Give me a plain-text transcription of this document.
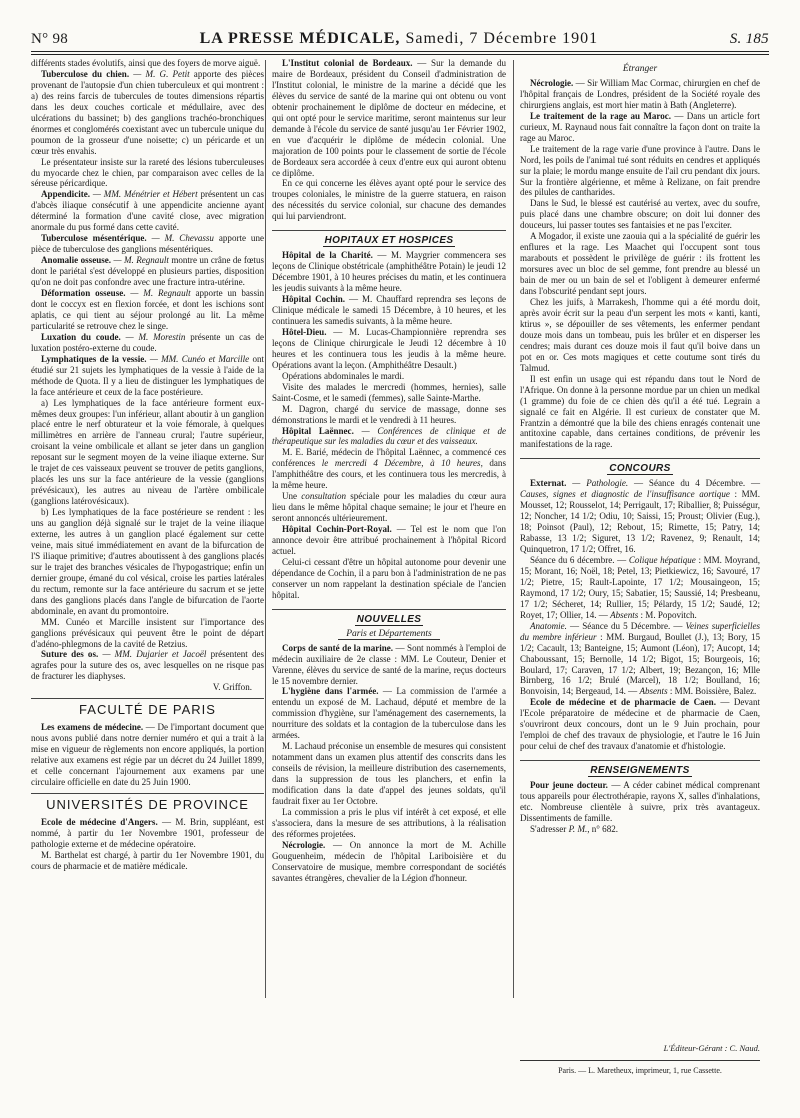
N° 98	LA PRESSE MÉDICALE, Samedi, 7 Décembre 1901	S. 185

différents stades évolutifs, ainsi que des foyers de morve aiguë.

Tuberculose du chien. — M. G. Petit apporte des pièces provenant de l'autopsie d'un chien tuberculeux et qui montrent : a) des reins farcis de tubercules de toutes dimensions répartis dans les deux couches corticale et médullaire, avec des ulcérations du bassinet; b) des ganglions trachéo-bronchiques énormes et conglomérés coexistant avec un tubercule unique du poumon de la grosseur d'une noisette; c) un péricarde et un cœur très envahis.

Le présentateur insiste sur la rareté des lésions tuberculeuses du myocarde chez le chien, par comparaison avec celles de la séreuse péricardique.

Appendicite. — MM. Ménétrier et Hébert présentent un cas d'abcès iliaque consécutif à une appendicite ancienne ayant déterminé la formation d'une cavité close, avec migration anormale du pus formé dans cette cavité.

Tuberculose mésentérique. — M. Chevassu apporte une pièce de tuberculose des ganglions mésentériques.

Anomalie osseuse. — M. Regnault montre un crâne de fœtus dont le pariétal s'est développé en plusieurs parties, disposition qu'on ne doit pas confondre avec une fracture intra-utérine.

Déformation osseuse. — M. Regnault apporte un bassin dont le coccyx est en flexion forcée, et dont les ischions sont aplatis, ce qui tient au séjour prolongé au lit. La même particularité se retrouve chez le singe.

Luxation du coude. — M. Morestin présente un cas de luxation postéro-externe du coude.

Lymphatiques de la vessie. — MM. Cunéo et Marcille ont étudié sur 21 sujets les lymphatiques de la vessie à l'aide de la méthode de Quota. Il y a lieu de distinguer les lymphatiques de la face antérieure et ceux de la face postérieure.

a) Les lymphatiques de la face antérieure forment eux-mêmes deux groupes: l'un inférieur, allant aboutir à un ganglion placé entre le nerf obturateur et la voie fémorale, à quelques millimètres en arrière de l'anneau crural; l'autre supérieur, croisant la veine ombilicale et allant se jeter dans un ganglion reposant sur le segment moyen de la veine iliaque externe. Sur le trajet de ces vaisseaux peuvent se trouver de petits ganglions, placés les uns sur la face antérieure de la vessie (ganglions prévésicaux), les autres au niveau de l'artère ombilicale (ganglions latérovésicaux).

b) Les lymphatiques de la face postérieure se rendent : les uns au ganglion déjà signalé sur le trajet de la veine iliaque externe, les autres à un ganglion placé également sur cette veine, mais situé immédiatement en avant de la bifurcation de l'S iliaque primitive; d'autres aboutissent à des ganglions placés sur le trajet des branches vésicales de l'hypogastrique; enfin un dernier groupe, émané du col vésical, croise les parties latérales du rectum, remonte sur la face antérieure du sacrum et se jette dans des ganglions placés dans l'angle de bifurcation de l'aorte abdominale, en avant du promontoire.

MM. Cunéo et Marcille insistent sur l'importance des ganglions prévésicaux qui peuvent être le point de départ d'adéno-phlegmons de la cavité de Retzius.

Suture des os. — MM. Dujarier et Jacoël présentent des agrafes pour la suture des os, avec lesquelles on ne risque pas de fracturer les diaphyses.

V. Griffon.

FACULTÉ DE PARIS

Les examens de médecine. — De l'important document que nous avons publié dans notre dernier numéro et qui a trait à la mise en vigueur de règlements non encore appliqués, la portion relative aux examens est régie par un décret du 24 Juillet 1899, et celle concernant l'ajournement aux examens par une circulaire officielle en date du 25 Juin 1900.

UNIVERSITÉS DE PROVINCE

Ecole de médecine d'Angers. — M. Brin, suppléant, est nommé, à partir du 1er Novembre 1901, professeur de pathologie externe et de médecine opératoire.

M. Barthelat est chargé, à partir du 1er Novembre 1901, du cours de pharmacie et de matière médicale.

L'Institut colonial de Bordeaux. — Sur la demande du maire de Bordeaux, président du Conseil d'administration de l'Institut colonial, le ministre de la marine a décidé que les élèves du service de santé de la marine qui ont obtenu ou vont obtenir prochainement le diplôme de docteur en médecine, et qui ont opté pour le service maritime, seront maintenus sur leur demande à l'école du service de santé jusqu'au 1er Février 1902, en vue d'acquérir le diplôme de médecin colonial. Une majoration de 100 points pour le classement de sortie de l'école de Bordeaux sera accordée à ceux d'entre eux qui auront obtenu ce diplôme.

En ce qui concerne les élèves ayant opté pour le service des troupes coloniales, le ministre de la guerre statuera, en raison des nécessités du service colonial, sur chacune des demandes qui lui parviendront.

HOPITAUX ET HOSPICES

Hôpital de la Charité. — M. Maygrier commencera ses leçons de Clinique obstétricale (amphithéâtre Potain) le jeudi 12 Décembre 1901, à 10 heures précises du matin, et les continuera les jeudis suivants à la même heure.

Hôpital Cochin. — M. Chauffard reprendra ses leçons de Clinique médicale le samedi 15 Décembre, à 10 heures, et les continuera les samedis suivants, à la même heure.

Hôtel-Dieu. — M. Lucas-Championnière reprendra ses leçons de Clinique chirurgicale le Jeudi 12 décembre à 10 heures et les continuera tous les jeudis à la même heure. Opérations avant la leçon. (Amphithéâtre Desault.)

Opérations abdominales le mardi.

Visite des malades le mercredi (hommes, hernies), salle Saint-Cosme, et le samedi (femmes), salle Sainte-Marthe.

M. Dagron, chargé du service de massage, donne ses démonstrations le mardi et le vendredi à 11 heures.

Hôpital Laënnec. — Conférences de clinique et de thérapeutique sur les maladies du cœur et des vaisseaux.

M. E. Barié, médecin de l'hôpital Laënnec, a commencé ces conférences le mercredi 4 Décembre, à 10 heures, dans l'amphithéâtre des cours, et les continuera tous les mercredis, à la même heure.

Une consultation spéciale pour les maladies du cœur aura lieu dans le même hôpital chaque semaine; le jour et l'heure en seront annoncés ultérieurement.

Hôpital Cochin-Port-Royal. — Tel est le nom que l'on annonce devoir être attribué prochainement à l'hôpital Ricord actuel.

Celui-ci cessant d'être un hôpital autonome pour devenir une dépendance de Cochin, il a paru bon à l'administration de ne pas conserver un nom rappelant la destination spéciale de l'ancien hôpital.

NOUVELLES
Paris et Départements

Corps de santé de la marine. — Sont nommés à l'emploi de médecin auxiliaire de 2e classe : MM. Le Couteur, Denier et Varenne, élèves du service de santé de la marine, reçus docteurs le 15 novembre dernier.

L'hygiène dans l'armée. — La commission de l'armée a entendu un exposé de M. Lachaud, député et membre de la commission d'hygiène, sur l'aménagement des casernements, la nourriture des soldats et la contagion de la tuberculose dans les armées.

M. Lachaud préconise un ensemble de mesures qui consistent notamment dans un examen plus attentif des conscrits dans les conseils de révision, la meilleure distribution des casernements, dans la suppression de tous les planchers, et enfin la modification dans la date d'appel des jeunes soldats, qu'il faudrait fixer au 1er Octobre.

La commission a pris le plus vif intérêt à cet exposé, et elle s'associera, dans la mesure de ses attributions, à la réalisation des réformes projetées.

Nécrologie. — On annonce la mort de M. Achille Gouguenheim, médecin de l'hôpital Lariboisière et du Conservatoire de musique, membre correspondant de sociétés savantes étrangères, chevalier de la Légion d'honneur.

Étranger

Nécrologie. — Sir William Mac Cormac, chirurgien en chef de l'hôpital français de Londres, président de la Société royale des chirurgiens anglais, est mort hier matin à Bath (Angleterre).

Le traitement de la rage au Maroc. — Dans un article fort curieux, M. Raynaud nous fait connaître la façon dont on traite la rage au Maroc.

Le traitement de la rage varie d'une province à l'autre. Dans le Nord, les poils de l'animal tué sont réduits en cendres et appliqués sur la plaie; le mordu mange ensuite de l'ail cru pendant dix jours. Sur la frontière algérienne, et même à Relizane, on fait prendre des pilules de cantharides.

Dans le Sud, le blessé est cautérisé au vertex, avec du soufre, puis placé dans une chambre obscure; on doit lui donner des douceurs, lui passer toutes ses fantaisies et ne pas l'exciter.

A Mogador, il existe une zaouia qui a la spécialité de guérir les enflures et la rage. Les Maachet qui l'occupent sont tous marabouts et possèdent le privilège de guérir : ils frottent les morsures avec un bloc de sel gemme, font prendre au blessé un bain de mer ou un bain de sel et l'obligent à demeurer enfermé dans l'obscurité pendant sept jours.

Chez les juifs, à Marrakesh, l'homme qui a été mordu doit, après avoir écrit sur la peau d'un serpent les mots « kanti, kanti, ktirus », se dépouiller de ses vêtements, les enfermer pendant douze mois dans un tombeau, puis les brûler et en disperser les cendres; mais durant ces douze mois il faut qu'il boive dans un pot en or. Ces mots magiques et cette coutume sont tirés du Talmud.

Il est enfin un usage qui est répandu dans tout le Nord de l'Afrique. On donne à la personne mordue par un chien un medkal (1 gramme) du foie de ce chien dès qu'il a été tué. Legrain a signalé ce fait en Algérie. Il est curieux de constater que M. Frantzin a démontré que la bile des chiens enragés contenait une antitoxine capable, dans certaines conditions, de prévenir les manifestations de la rage.

CONCOURS

Externat. — Pathologie. — Séance du 4 Décembre. — Causes, signes et diagnostic de l'insuffisance aortique : MM. Mousset, 12; Rousselot, 14; Perrigault, 17; Riballier, 8; Puisségur, 12; Noncher, 14 1/2; Odiu, 10; Saissi, 15; Proust; Olivier (Eug.), 18; Poinsot (Paul), 12; Rebout, 15; Rimette, 15; Patry, 14; Rabasse, 13 1/2; Siguret, 13 1/2; Ravenez, 9; Renault, 14; Quinquetron, 17 1/2; Offret, 16.

Séance du 6 décembre. — Colique hépatique : MM. Moyrand, 15; Morant, 16; Noël, 18; Petel, 13; Pietkiewicz, 16; Savouré, 17 1/2; Pietre, 15; Rault-Lapointe, 17 1/2; Mousaingeon, 15; Raymond, 17 1/2; Oury, 15; Sabatier, 15; Saussié, 14; Presbeanu, 17 1/2; Sécheret, 14; Rullier, 15; Pélardy, 15 1/2; Saudé, 12; Royet, 17; Ollier, 14. — Absents : M. Popovitch.

Anatomie. — Séance du 5 Décembre. — Veines superficielles du membre inférieur : MM. Burgaud, Boullet (J.), 13; Bory, 15 1/2; Cacault, 13; Banteigne, 15; Aumont (Léon), 17; Aucopt, 14; Chaboussant, 15; Bernolle, 14 1/2; Bigot, 15; Bourgeois, 16; Boulard, 17; Caraven, 17 1/2; Albert, 19; Bezançon, 16; Mlle Birnberg, 16 1/2; Brulé (Marcel), 18 1/2; Boulland, 16; Bonvoisin, 14; Bergeaud, 14. — Absents : MM. Boissière, Balez.

Ecole de médecine et de pharmacie de Caen. — Devant l'Ecole préparatoire de médecine et de pharmacie de Caen, s'ouvriront deux concours, dont un le 9 Juin prochain, pour l'emploi de chef des travaux de physiologie, et l'autre le 16 Juin pour celui de chef des travaux d'anatomie et d'histologie.

RENSEIGNEMENTS

Pour jeune docteur. — A céder cabinet médical comprenant tous appareils pour électrothérapie, rayons X, salles d'inhalations, etc. Nombreuse clientèle à suivre, prix très avantageux. Dissentiments de famille.

S'adresser P. M., n° 682.

L'Éditeur-Gérant : C. Naud.
Paris. — L. Maretheux, imprimeur, 1, rue Cassette.
